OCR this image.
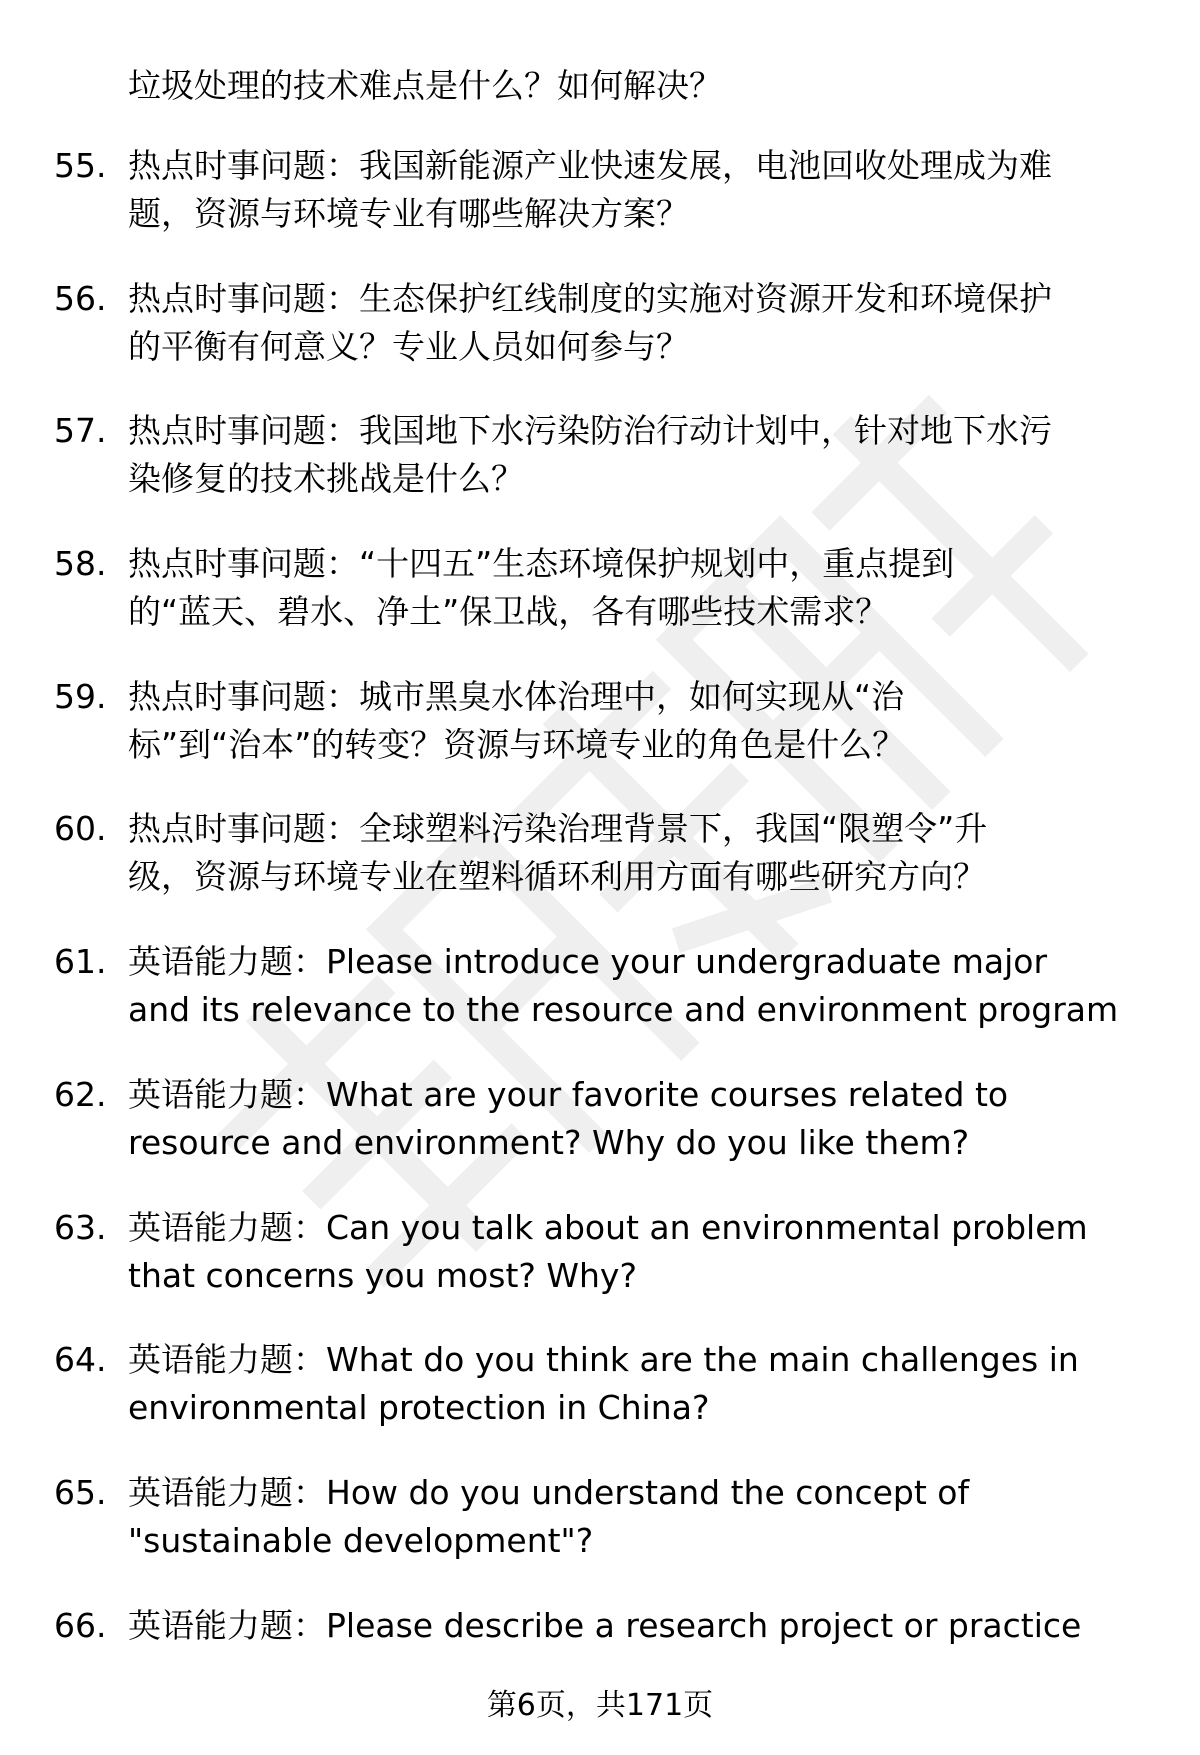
垃圾处理的技术难点是什么？如何解决？
55. 热点时事问题：我国新能源产业快速发展，电池回收处理成为难
题，资源与环境专业有哪些解决方案？
56. 热点时事问题：生态保护红线制度的实施对资源开发和环境保护
的平衡有何意义？专业人员如何参与？
57. 热点时事问题：我国地下水污染防治行动计划中，针对地下水污
染修复的技术挑战是什么？
58. 热点时事问题：“十四五”生态环境保护规划中，重点提到
的“蓝天、碧水、净土”保卫战，各有哪些技术需求？
59. 热点时事问题：城市黑臭水体治理中，如何实现从“治
标”到“治本”的转变？资源与环境专业的角色是什么？
60. 热点时事问题：全球塑料污染治理背景下，我国“限塑令”升
级，资源与环境专业在塑料循环利用方面有哪些研究方向？
61. 英语能力题：Please introduce your undergraduate major
and its relevance to the resource and environment program
62. 英语能力题：What are your favorite courses related to
resource and environment? Why do you like them?
63. 英语能力题：Can you talk about an environmental problem
that concerns you most? Why?
64. 英语能力题：What do you think are the main challenges in
environmental protection in China?
65. 英语能力题：How do you understand the concept of
"sustainable development"?
66. 英语能力题：Please describe a research project or practice
第6页，共171页
